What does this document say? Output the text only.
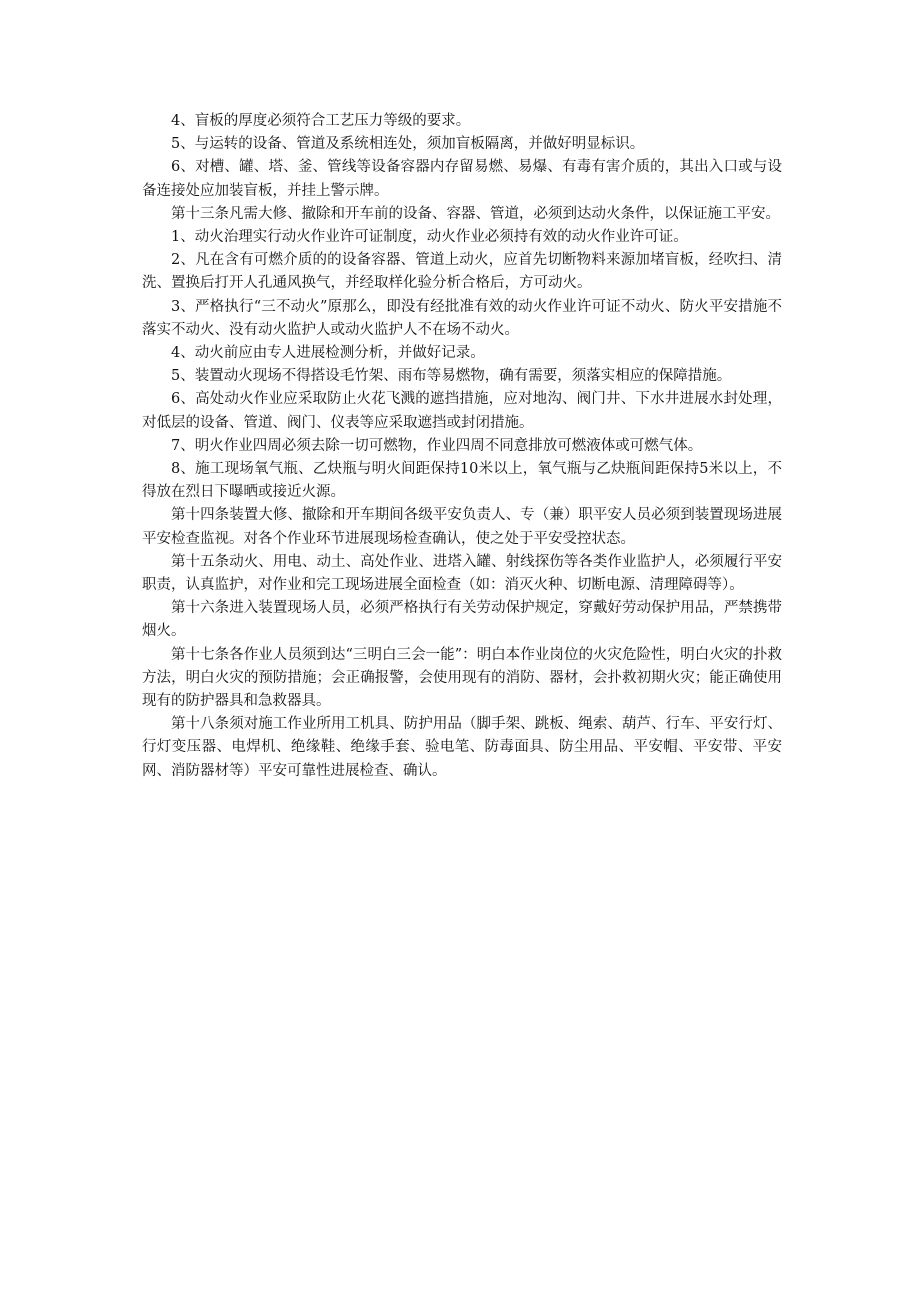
4、盲板的厚度必须符合工艺压力等级的要求。

5、与运转的设备、管道及系统相连处，须加盲板隔离，并做好明显标识。

6、对槽、罐、塔、釜、管线等设备容器内存留易燃、易爆、有毒有害介质的，其出入口或与设备连接处应加装盲板，并挂上警示牌。

第十三条凡需大修、撤除和开车前的设备、容器、管道，必须到达动火条件，以保证施工平安。

1、动火治理实行动火作业许可证制度，动火作业必须持有效的动火作业许可证。

2、凡在含有可燃介质的的设备容器、管道上动火，应首先切断物料来源加堵盲板，经吹扫、清洗、置换后打开人孔通风换气，并经取样化验分析合格后，方可动火。

3、严格执行“三不动火”原那么，即没有经批准有效的动火作业许可证不动火、防火平安措施不落实不动火、没有动火监护人或动火监护人不在场不动火。

4、动火前应由专人进展检测分析，并做好记录。

5、装置动火现场不得搭设毛竹架、雨布等易燃物，确有需要，须落实相应的保障措施。

6、高处动火作业应采取防止火花飞溅的遮挡措施，应对地沟、阀门井、下水井进展水封处理，对低层的设备、管道、阀门、仪表等应采取遮挡或封闭措施。

7、明火作业四周必须去除一切可燃物，作业四周不同意排放可燃液体或可燃气体。

8、施工现场氧气瓶、乙炔瓶与明火间距保持10米以上，氧气瓶与乙炔瓶间距保持5米以上，不得放在烈日下曝晒或接近火源。

第十四条装置大修、撤除和开车期间各级平安负责人、专（兼）职平安人员必须到装置现场进展平安检查监视。对各个作业环节进展现场检查确认，使之处于平安受控状态。

第十五条动火、用电、动土、高处作业、进塔入罐、射线探伤等各类作业监护人，必须履行平安职责，认真监护，对作业和完工现场进展全面检查（如：消灭火种、切断电源、清理障碍等）。

第十六条进入装置现场人员，必须严格执行有关劳动保护规定，穿戴好劳动保护用品，严禁携带烟火。

第十七条各作业人员须到达“三明白三会一能”：明白本作业岗位的火灾危险性，明白火灾的扑救方法，明白火灾的预防措施；会正确报警，会使用现有的消防、器材，会扑救初期火灾；能正确使用现有的防护器具和急救器具。

第十八条须对施工作业所用工机具、防护用品（脚手架、跳板、绳索、葫芦、行车、平安行灯、行灯变压器、电焊机、绝缘鞋、绝缘手套、验电笔、防毒面具、防尘用品、平安帽、平安带、平安网、消防器材等）平安可靠性进展检查、确认。
